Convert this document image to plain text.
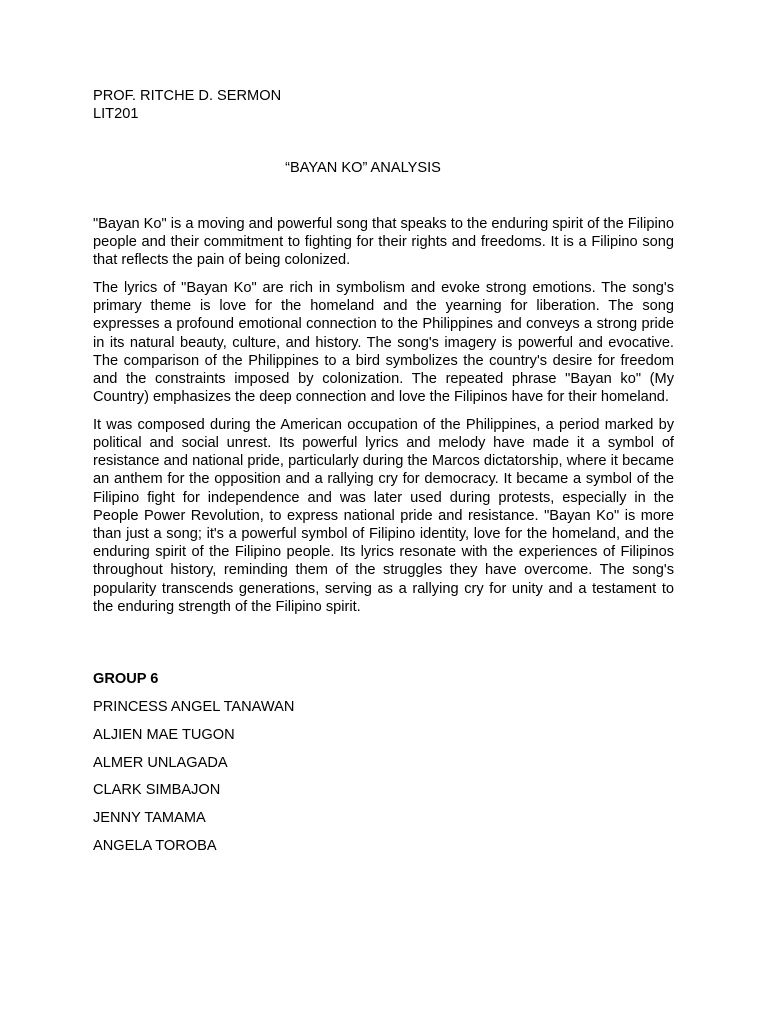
PROF. RITCHE D. SERMON
LIT201
“BAYAN KO” ANALYSIS

"Bayan Ko" is a moving and powerful song that speaks to the enduring spirit of the Filipino people and their commitment to fighting for their rights and freedoms. It is a Filipino song that reflects the pain of being colonized.

The lyrics of "Bayan Ko" are rich in symbolism and evoke strong emotions. The song's primary theme is love for the homeland and the yearning for liberation. The song expresses a profound emotional connection to the Philippines and conveys a strong pride in its natural beauty, culture, and history. The song's imagery is powerful and evocative. The comparison of the Philippines to a bird symbolizes the country's desire for freedom and the constraints imposed by colonization. The repeated phrase "Bayan ko" (My Country) emphasizes the deep connection and love the Filipinos have for their homeland.

It was composed during the American occupation of the Philippines, a period marked by political and social unrest. Its powerful lyrics and melody have made it a symbol of resistance and national pride, particularly during the Marcos dictatorship, where it became an anthem for the opposition and a rallying cry for democracy. It became a symbol of the Filipino fight for independence and was later used during protests, especially in the People Power Revolution, to express national pride and resistance. "Bayan Ko" is more than just a song; it's a powerful symbol of Filipino identity, love for the homeland, and the enduring spirit of the Filipino people. Its lyrics resonate with the experiences of Filipinos throughout history, reminding them of the struggles they have overcome. The song's popularity transcends generations, serving as a rallying cry for unity and a testament to the enduring strength of the Filipino spirit.

GROUP 6
PRINCESS ANGEL TANAWAN
ALJIEN MAE TUGON
ALMER UNLAGADA
CLARK SIMBAJON
JENNY TAMAMA
ANGELA TOROBA
